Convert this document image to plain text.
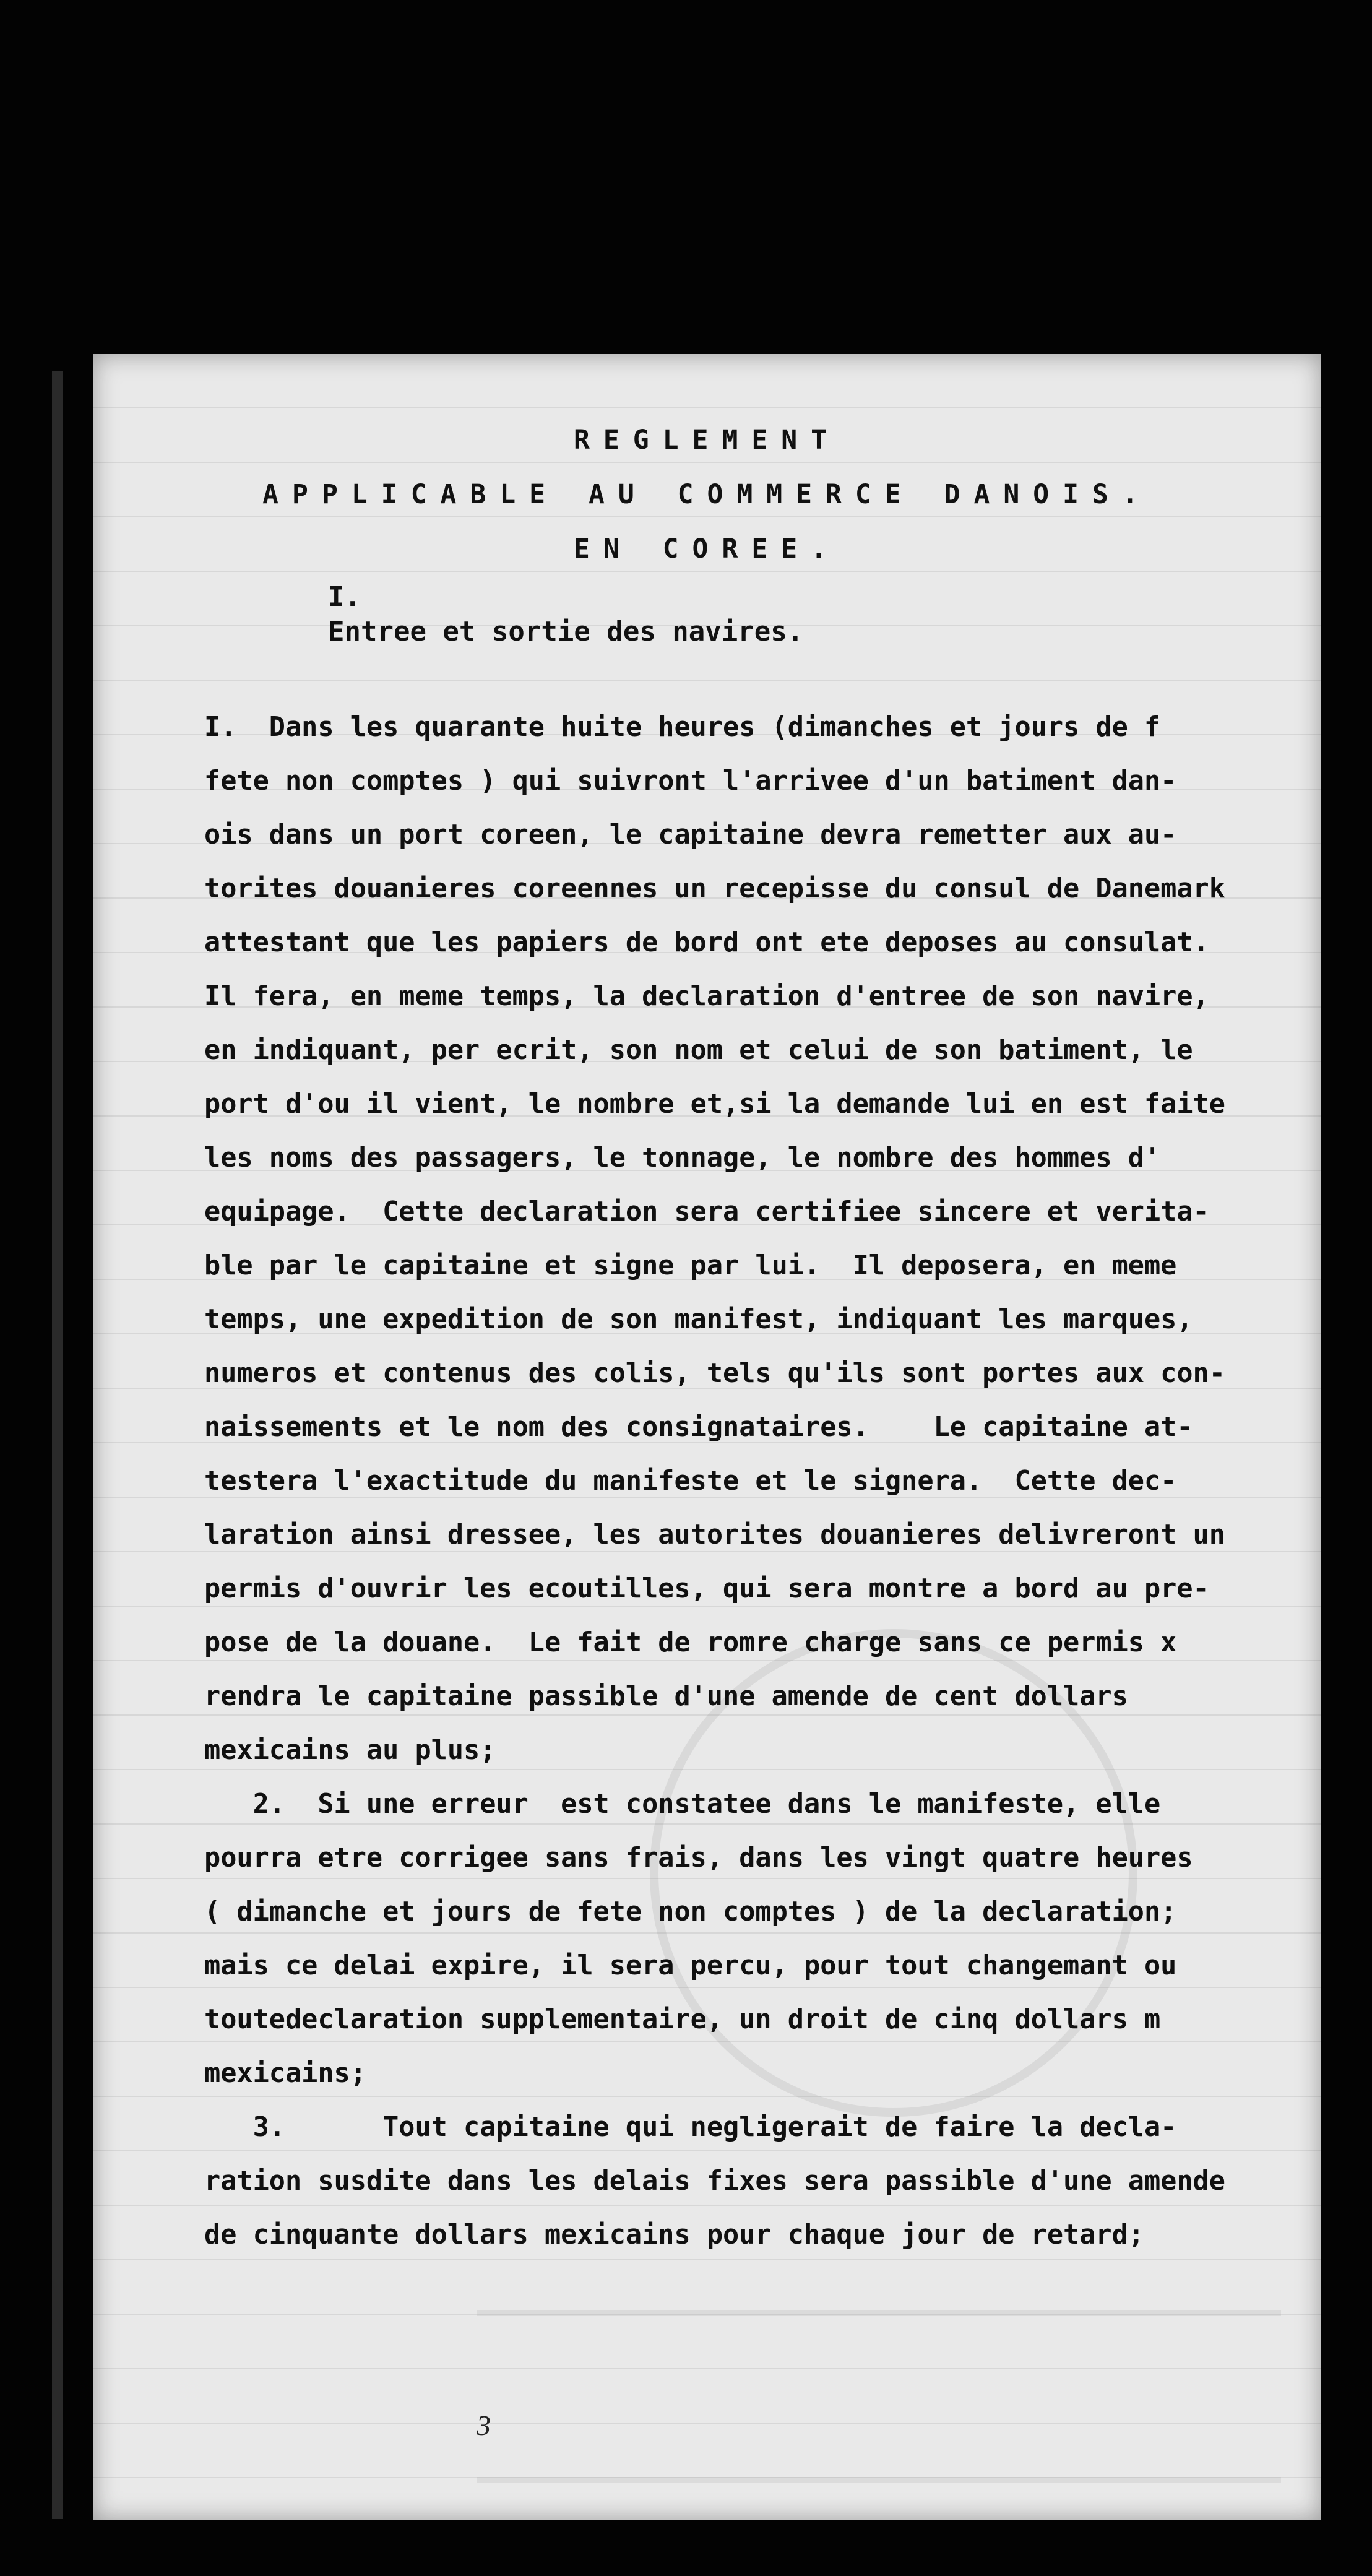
REGLEMENT
APPLICABLE AU COMMERCE DANOIS.
EN COREE.
I.
Entree et sortie des navires.
I.  Dans les quarante huite heures (dimanches et jours de f
fete non comptes ) qui suivront l'arrivee d'un batiment dan-
ois dans un port coreen, le capitaine devra remetter aux au-
torites douanieres coreennes un recepisse du consul de Danemark
attestant que les papiers de bord ont ete deposes au consulat.
Il fera, en meme temps, la declaration d'entree de son navire,
en indiquant, per ecrit, son nom et celui de son batiment, le
port d'ou il vient, le nombre et,si la demande lui en est faite
les noms des passagers, le tonnage, le nombre des hommes d'
equipage.  Cette declaration sera certifiee sincere et verita-
ble par le capitaine et signe par lui.  Il deposera, en meme
temps, une expedition de son manifest, indiquant les marques,
numeros et contenus des colis, tels qu'ils sont portes aux con-
naissements et le nom des consignataires.    Le capitaine at-
testera l'exactitude du manifeste et le signera.  Cette dec-
laration ainsi dressee, les autorites douanieres delivreront un
permis d'ouvrir les ecoutilles, qui sera montre a bord au pre-
pose de la douane.  Le fait de romre charge sans ce permis x
rendra le capitaine passible d'une amende de cent dollars
mexicains au plus;
2.  Si une erreur  est constatee dans le manifeste, elle
pourra etre corrigee sans frais, dans les vingt quatre heures
( dimanche et jours de fete non comptes ) de la declaration;
mais ce delai expire, il sera percu, pour tout changemant ou
toutedeclaration supplementaire, un droit de cinq dollars m
mexicains;
3.      Tout capitaine qui negligerait de faire la decla-
ration susdite dans les delais fixes sera passible d'une amende
de cinquante dollars mexicains pour chaque jour de retard;
3
